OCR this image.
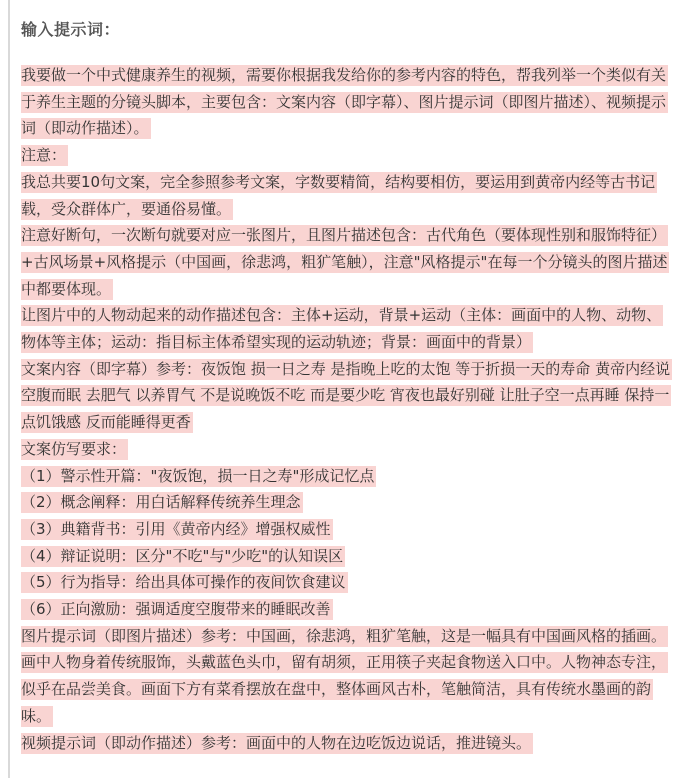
输入提示词：

我要做一个中式健康养生的视频，需要你根据我发给你的参考内容的特色，帮我列举一个类似有关于养生主题的分镜头脚本，主要包含：文案内容（即字幕）、图片提示词（即图片描述）、视频提示词（即动作描述）。

注意：

我总共要10句文案，完全参照参考文案，字数要精简，结构要相仿，要运用到黄帝内经等古书记载，受众群体广，要通俗易懂。

注意好断句，一次断句就要对应一张图片，且图片描述包含：古代角色（要体现性别和服饰特征）+古风场景+风格提示（中国画，徐悲鸿，粗犷笔触），注意"风格提示"在每一个分镜头的图片描述中都要体现。

让图片中的人物动起来的动作描述包含：主体+运动，背景+运动（主体：画面中的人物、动物、物体等主体；运动：指目标主体希望实现的运动轨迹；背景：画面中的背景）

文案内容（即字幕）参考：夜饭饱 损一日之寿 是指晚上吃的太饱 等于折损一天的寿命 黄帝内经说空腹而眠 去肥气 以养胃气 不是说晚饭不吃 而是要少吃 宵夜也最好别碰 让肚子空一点再睡 保持一点饥饿感 反而能睡得更香

文案仿写要求：

（1）警示性开篇："夜饭饱，损一日之寿"形成记忆点

（2）概念阐释：用白话解释传统养生理念

（3）典籍背书：引用《黄帝内经》增强权威性

（4）辩证说明：区分"不吃"与"少吃"的认知误区

（5）行为指导：给出具体可操作的夜间饮食建议

（6）正向激励：强调适度空腹带来的睡眠改善

图片提示词（即图片描述）参考：中国画，徐悲鸿，粗犷笔触，这是一幅具有中国画风格的插画。画中人物身着传统服饰，头戴蓝色头巾，留有胡须，正用筷子夹起食物送入口中。人物神态专注，似乎在品尝美食。画面下方有菜肴摆放在盘中，整体画风古朴，笔触简洁，具有传统水墨画的韵味。

视频提示词（即动作描述）参考：画面中的人物在边吃饭边说话，推进镜头。
